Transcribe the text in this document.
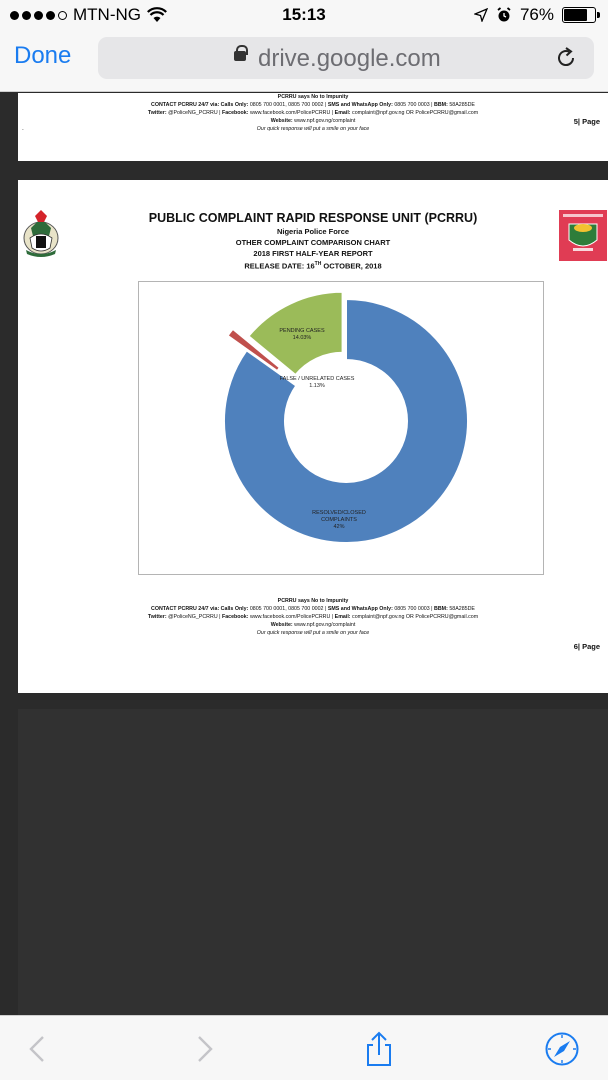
MTN-NG	15:13	76%
Done	drive.google.com
PCRRU says No to Impunity
CONTACT PCRRU 24/7 via: Calls Only: 0805 700 0001, 0805 700 0002 | SMS and WhatsApp Only: 0805 700 0003 | BBM: 58A285DE
Twitter: @PoliceNG_PCRRU | Facebook: www.facebook.com/PolicePCRRU | Email: complaint@npf.gov.ng OR PolicePCRRU@gmail.com
Website: www.npf.gov.ng/complaint
Our quick response will put a smile on your face
-
5| Page
PUBLIC COMPLAINT RAPID RESPONSE UNIT (PCRRU)
Nigeria Police Force
OTHER COMPLAINT COMPARISON CHART
2018 FIRST HALF-YEAR REPORT
RELEASE DATE: 16TH OCTOBER, 2018
RESOLVED/CLOSED COMPLAINTS 42%
FALSE / UNRELATED CASES 1.13%
PENDING CASES 14.03%
PCRRU says No to Impunity
CONTACT PCRRU 24/7 via: Calls Only: 0805 700 0001, 0805 700 0002 | SMS and WhatsApp Only: 0805 700 0003 | BBM: 58A285DE
Twitter: @PoliceNG_PCRRU | Facebook: www.facebook.com/PolicePCRRU | Email: complaint@npf.gov.ng OR PolicePCRRU@gmail.com
Website: www.npf.gov.ng/complaint
Our quick response will put a smile on your face
6| Page
